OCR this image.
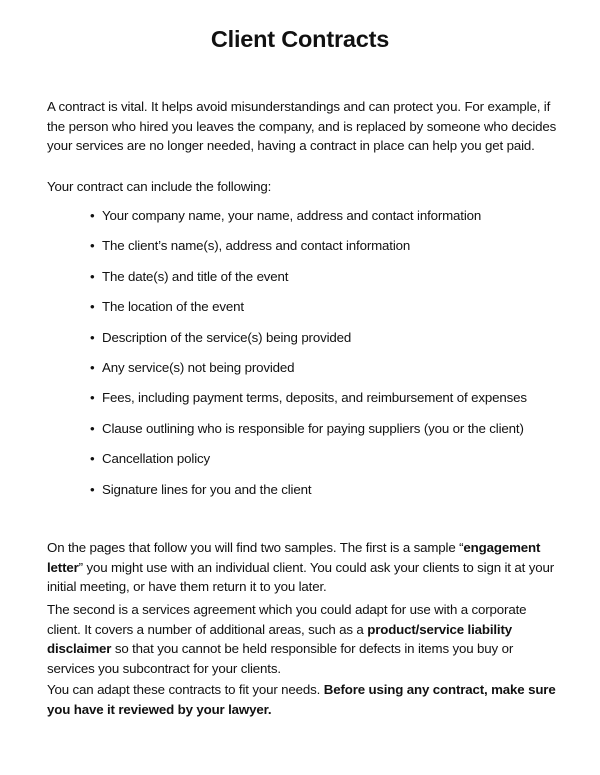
Client Contracts

A contract is vital. It helps avoid misunderstandings and can protect you. For example, if the person who hired you leaves the company, and is replaced by someone who decides your services are no longer needed, having a contract in place can help you get paid.

Your contract can include the following:

• Your company name, your name, address and contact information
• The client’s name(s), address and contact information
• The date(s) and title of the event
• The location of the event
• Description of the service(s) being provided
• Any service(s) not being provided
• Fees, including payment terms, deposits, and reimbursement of expenses
• Clause outlining who is responsible for paying suppliers (you or the client)
• Cancellation policy
• Signature lines for you and the client

On the pages that follow you will find two samples. The first is a sample “engagement letter” you might use with an individual client. You could ask your clients to sign it at your initial meeting, or have them return it to you later.

The second is a services agreement which you could adapt for use with a corporate client. It covers a number of additional areas, such as a product/service liability disclaimer so that you cannot be held responsible for defects in items you buy or services you subcontract for your clients.

You can adapt these contracts to fit your needs. Before using any contract, make sure you have it reviewed by your lawyer.
